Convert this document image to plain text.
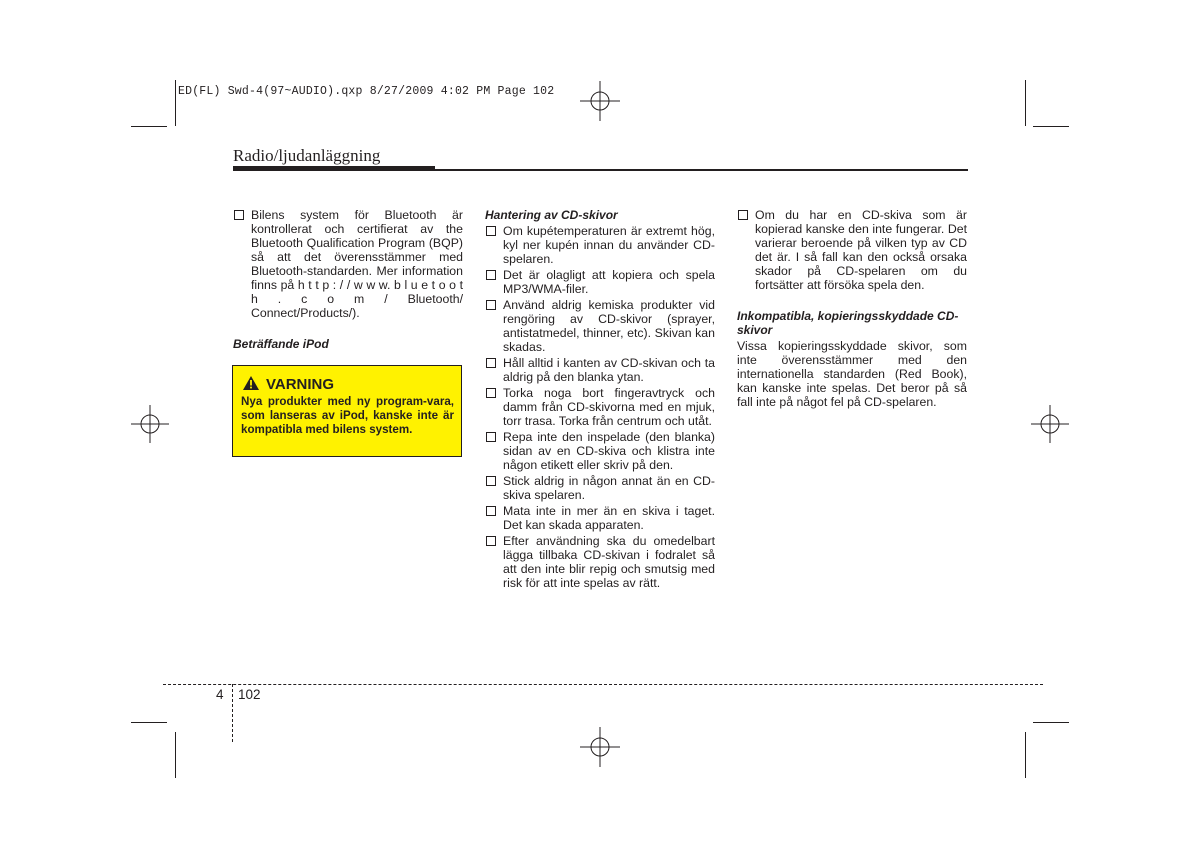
ED(FL) Swd-4(97~AUDIO).qxp 8/27/2009 4:02 PM Page 102
Radio/ljudanläggning

Bilens system för Bluetooth är kontrollerat och certifierat av the Bluetooth Qualification Program (BQP) så att det överensstämmer med Bluetooth-standarden. Mer information finns på h t t p : / / w w w. b l u e t o o t h . c o m / Bluetooth/ Connect/Products/).

Beträffande iPod

VARNING
Nya produkter med ny program-vara, som lanseras av iPod, kanske inte är kompatibla med bilens system.

Hantering av CD-skivor

Om kupétemperaturen är extremt hög, kyl ner kupén innan du använder CD-spelaren.

Det är olagligt att kopiera och spela MP3/WMA-filer.

Använd aldrig kemiska produkter vid rengöring av CD-skivor (sprayer, antistatmedel, thinner, etc). Skivan kan skadas.

Håll alltid i kanten av CD-skivan och ta aldrig på den blanka ytan.

Torka noga bort fingeravtryck och damm från CD-skivorna med en mjuk, torr trasa. Torka från centrum och utåt.

Repa inte den inspelade (den blanka) sidan av en CD-skiva och klistra inte någon etikett eller skriv på den.

Stick aldrig in någon annat än en CD-skiva spelaren.

Mata inte in mer än en skiva i taget. Det kan skada apparaten.

Efter användning ska du omedelbart lägga tillbaka CD-skivan i fodralet så att den inte blir repig och smutsig med risk för att inte spelas av rätt.

Om du har en CD-skiva som är kopierad kanske den inte fungerar. Det varierar beroende på vilken typ av CD det är. I så fall kan den också orsaka skador på CD-spelaren om du fortsätter att försöka spela den.

Inkompatibla, kopieringsskyddade CD-skivor

Vissa kopieringsskyddade skivor, som inte överensstämmer med den internationella standarden (Red Book), kan kanske inte spelas. Det beror på så fall inte på något fel på CD-spelaren.

4 102
